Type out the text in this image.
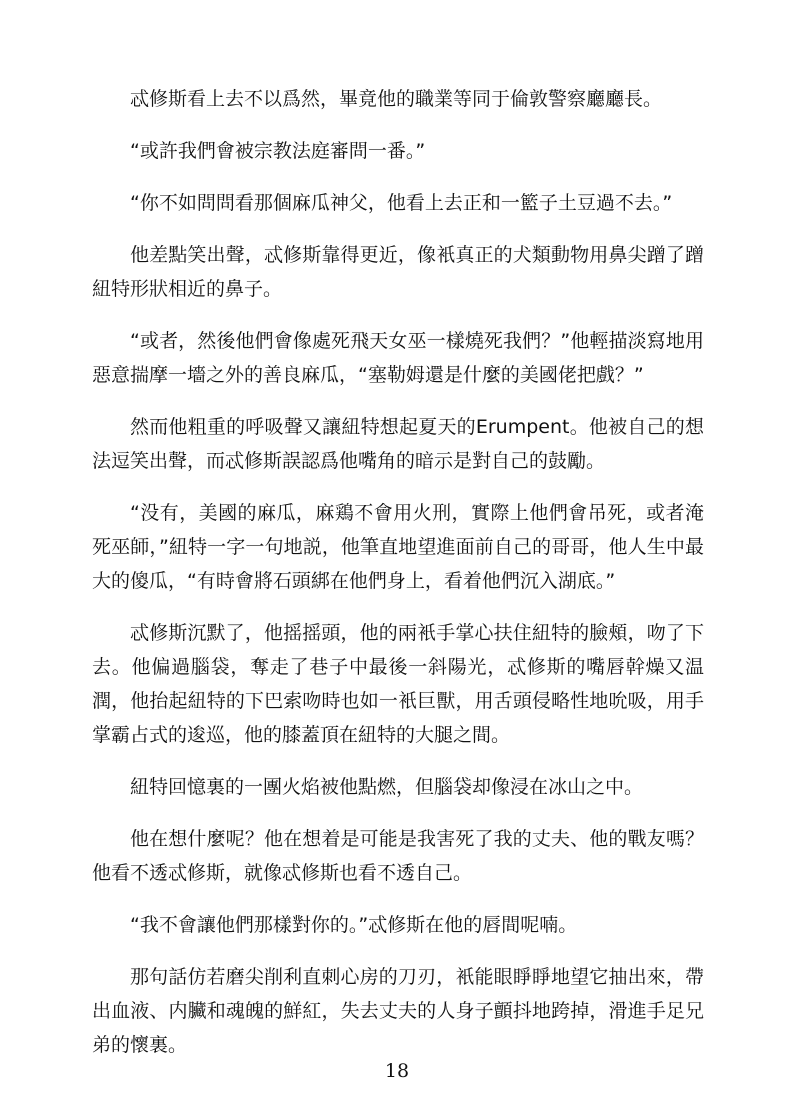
忒修斯看上去不以爲然，畢竟他的職業等同于倫敦警察廳廳長。

“或許我們會被宗教法庭審問一番。”

“你不如問問看那個麻瓜神父，他看上去正和一籃子土豆過不去。”

他差點笑出聲，忒修斯靠得更近，像衹真正的犬類動物用鼻尖蹭了蹭紐特形狀相近的鼻子。

“或者，然後他們會像處死飛天女巫一樣燒死我們？”他輕描淡寫地用惡意揣摩一墻之外的善良麻瓜，“塞勒姆還是什麼的美國佬把戲？”

然而他粗重的呼吸聲又讓紐特想起夏天的Erumpent。他被自己的想法逗笑出聲，而忒修斯誤認爲他嘴角的暗示是對自己的鼓勵。

“没有，美國的麻瓜，麻鶏不會用火刑，實際上他們會吊死，或者淹死巫師，”紐特一字一句地説，他筆直地望進面前自己的哥哥，他人生中最大的傻瓜，“有時會將石頭綁在他們身上，看着他們沉入湖底。”

忒修斯沉默了，他摇摇頭，他的兩衹手掌心扶住紐特的臉頰，吻了下去。他偏過腦袋，奪走了巷子中最後一斜陽光，忒修斯的嘴唇幹燥又温潤，他抬起紐特的下巴索吻時也如一衹巨獸，用舌頭侵略性地吮吸，用手掌霸占式的逡巡，他的膝蓋頂在紐特的大腿之間。

紐特回憶裏的一團火焰被他點燃，但腦袋却像浸在冰山之中。

他在想什麼呢？他在想着是可能是我害死了我的丈夫、他的戰友嗎？他看不透忒修斯，就像忒修斯也看不透自己。

“我不會讓他們那樣對你的。”忒修斯在他的唇間呢喃。

那句話仿若磨尖削利直刺心房的刀刃，衹能眼睜睜地望它抽出來，帶出血液、内臟和魂魄的鮮紅，失去丈夫的人身子顫抖地跨掉，滑進手足兄弟的懷裏。

18
